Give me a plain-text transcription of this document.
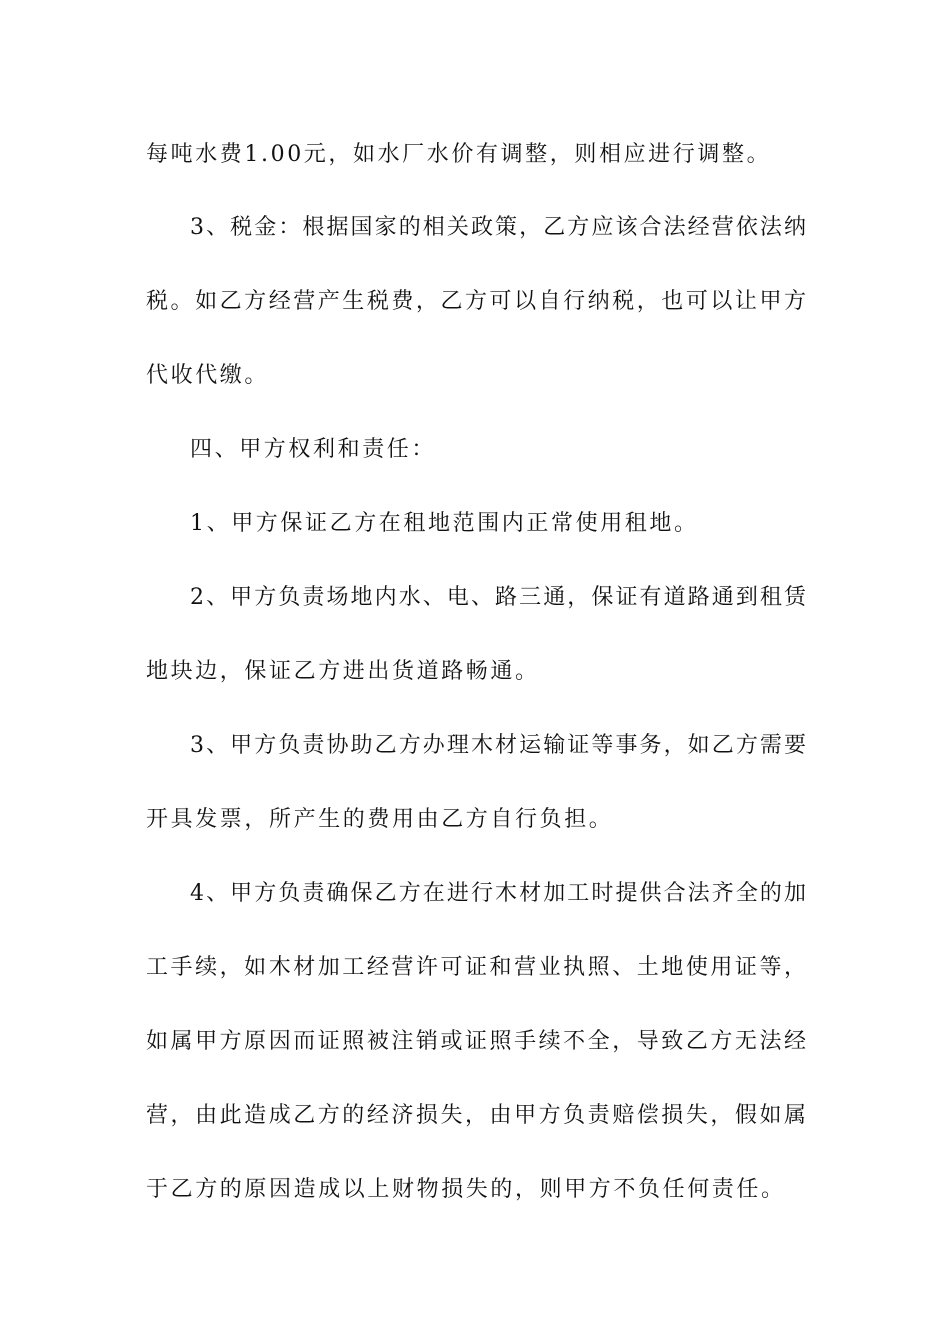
每吨水费1.00元，如水厂水价有调整，则相应进行调整。
3、税金：根据国家的相关政策，乙方应该合法经营依法纳
税。如乙方经营产生税费，乙方可以自行纳税，也可以让甲方
代收代缴。
四、甲方权利和责任：
1、甲方保证乙方在租地范围内正常使用租地。
2、甲方负责场地内水、电、路三通，保证有道路通到租赁
地块边，保证乙方进出货道路畅通。
3、甲方负责协助乙方办理木材运输证等事务，如乙方需要
开具发票，所产生的费用由乙方自行负担。
4、甲方负责确保乙方在进行木材加工时提供合法齐全的加
工手续，如木材加工经营许可证和营业执照、土地使用证等，
如属甲方原因而证照被注销或证照手续不全，导致乙方无法经
营，由此造成乙方的经济损失，由甲方负责赔偿损失，假如属
于乙方的原因造成以上财物损失的，则甲方不负任何责任。
